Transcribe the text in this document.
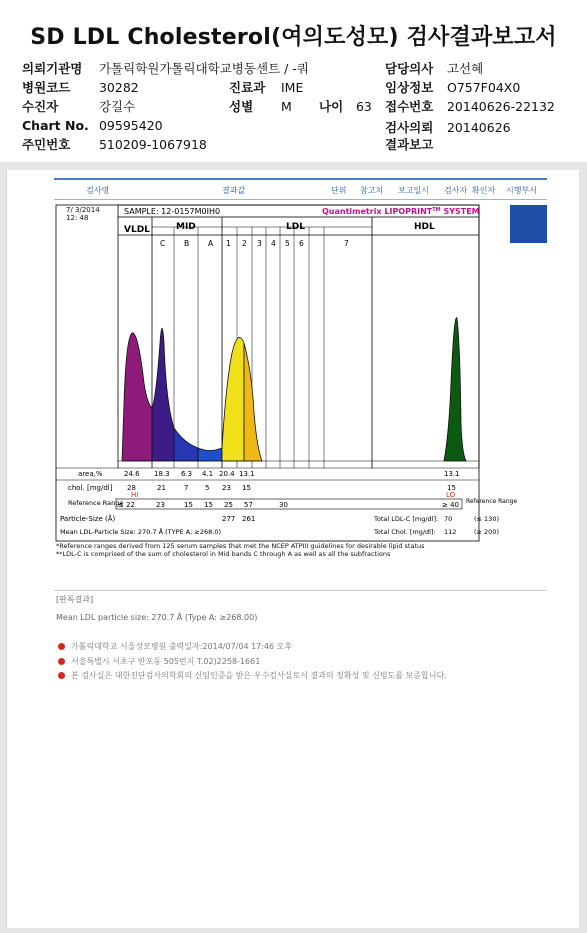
SD LDL Cholesterol(여의도성모) 검사결과보고서
의뢰기관명 가톨릭학원가톨릭대학교병동센트 / -쿼	담당의사 고선혜
병원코드 30282	진료과 IME	임상정보 O757F04X0
수진자	강길수	성별 M 나이 63 접수번호 20140626-22132
Chart No. 09595420	검사의뢰 20140626
주민번호 510209-1067918	결과보고
검사명	결과값	단위 참고치 보고일시 검사자 확인자 시행부서
7/ 3/2014
12: 48
SAMPLE: 12-0157M0IH0	Quantimetrix LIPOPRINT™ SYSTEM
VLDL	MID	LDL	HDL
C	B	A 1 2 3 4 5 6	7
area,%	24.6 18.3 6.3 4.1 20.4 13.1	13.1
chol. [mg/dl] 28	21	7 5 23 15	15
HI	LO
Reference Range
≤ 22	23	15 15 25 57	30	≥ 40 Reference Range
Particle-Size (Å)	277 261	Total LDL-C [mg/dl]: 70	(≤ 130)
Mean LDL-Particle Size: 270.7 Å (TYPE A; ≥268.0)	Total Chol. [mg/dl]: 112	(≥ 200)
*Reference ranges derived from 125 serum samples that met the NCEP ATPIII guidelines for desirable lipid status
**LDL-C is comprised of the sum of cholesterol in Mid bands C through A as well as all the subfractions
[판독결과]
Mean LDL particle size: 270.7 Å (Type A: ≥268.00)
가톨릭대학교 서울성모병원 출력일자:2014/07/04 17:46 오후
서울특별시 서초구 반포동 505번지 T.02)2258-1661
본 검사실은 대한진단검사의학회의 신임인증을 받은 우수검사실로서 결과의 정확성 및 신빙도를 보증합니다.
